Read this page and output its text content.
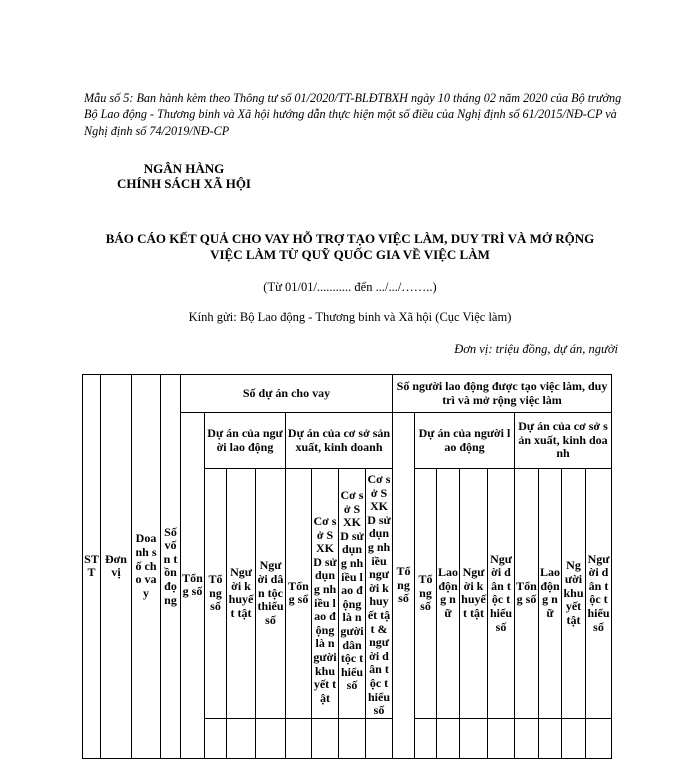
Mẫu số 5: Ban hành kèm theo Thông tư số 01/2020/TT-BLĐTBXH ngày 10 tháng 02 năm 2020 của Bộ trưởng Bộ Lao động - Thương binh và Xã hội hướng dẫn thực hiện một số điều của Nghị định số 61/2015/NĐ-CP và Nghị định số 74/2019/NĐ-CP
NGÂN HÀNG
CHÍNH SÁCH XÃ HỘI
BÁO CÁO KẾT QUẢ CHO VAY HỖ TRỢ TẠO VIỆC LÀM, DUY TRÌ VÀ MỞ RỘNG
VIỆC LÀM TỪ QUỸ QUỐC GIA VỀ VIỆC LÀM
(Từ 01/01/........... đến .../.../……..)
Kính gửi: Bộ Lao động - Thương binh và Xã hội (Cục Việc làm)
Đơn vị: triệu đồng, dự án, người
STT	Đơn vị	Doanh số cho vay	Số vốn tồn đọng	Số dự án cho vay								Số người lao động được tạo việc làm, duy trì và mở rộng việc làm								

				Tổng số	Dự án của người lao động			Dự án của cơ sở sản xuất, kinh doanh				Tổng số	Dự án của người lao động				Dự án của cơ sở sản xuất, kinh doanh			

					Tổng số	Người khuyết tật	Người dân tộc thiểu số	Tổng số	Cơ sở SXKD sử dụng nhiều lao động là người khuyết tật	Cơ sở SXKD sử dụng nhiều lao động là người dân tộc thiểu số	Cơ sở SXKD sử dụng nhiều người khuyết tật & người dân tộc thiểu số		Tổng số	Lao động nữ	Người khuyết tật	Người dân tộc thiểu số	Tổng số	Lao động nữ	Người khuyết tật	Người dân tộc thiểu số
